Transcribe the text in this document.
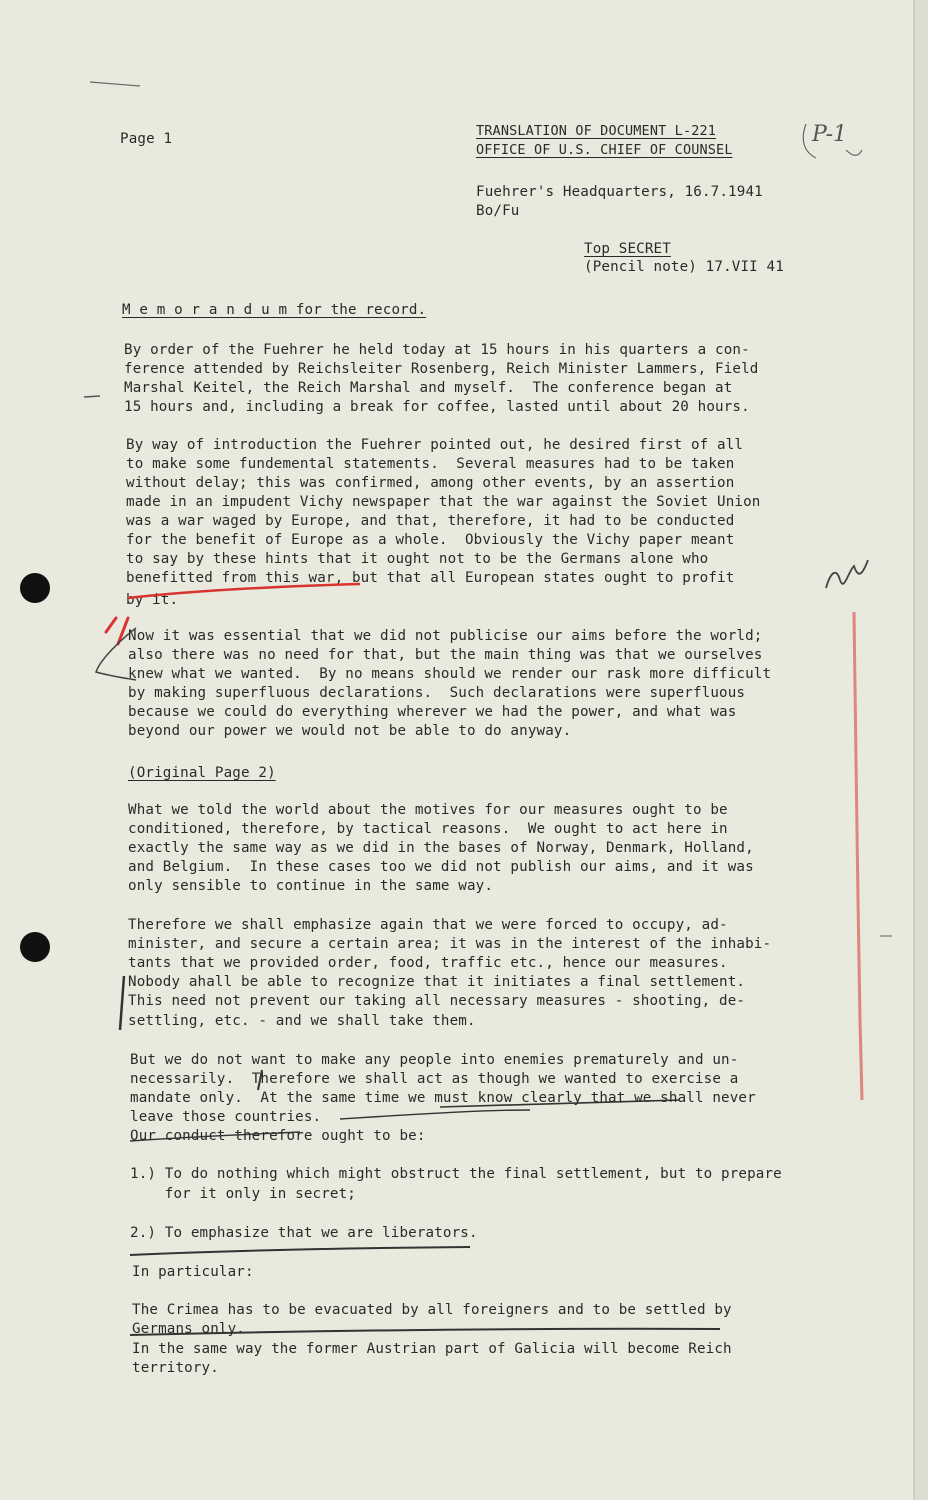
Page 1	TRANSLATION OF DOCUMENT L-221
OFFICE OF U.S. CHIEF OF COUNSEL
P-1
Fuehrer's Headquarters, 16.7.1941
Bo/Fu
Top SECRET
(Pencil note) 17.VII 41
M e m o r a n d u m for the record.
By order of the Fuehrer he held today at 15 hours in his quarters a con-
ference attended by Reichsleiter Rosenberg, Reich Minister Lammers, Field
Marshal Keitel, the Reich Marshal and myself.  The conference began at
15 hours and, including a break for coffee, lasted until about 20 hours.
By way of introduction the Fuehrer pointed out, he desired first of all
to make some fundemental statements.  Several measures had to be taken
without delay; this was confirmed, among other events, by an assertion
made in an impudent Vichy newspaper that the war against the Soviet Union
was a war waged by Europe, and that, therefore, it had to be conducted
for the benefit of Europe as a whole.  Obviously the Vichy paper meant
to say by these hints that it ought not to be the Germans alone who
benefitted from this war, but that all European states ought to profit
by it.
Now it was essential that we did not publicise our aims before the world;
also there was no need for that, but the main thing was that we ourselves
knew what we wanted.  By no means should we render our rask more difficult
by making superfluous declarations.  Such declarations were superfluous
because we could do everything wherever we had the power, and what was
beyond our power we would not be able to do anyway.
(Original Page 2)
What we told the world about the motives for our measures ought to be
conditioned, therefore, by tactical reasons.  We ought to act here in
exactly the same way as we did in the bases of Norway, Denmark, Holland,
and Belgium.  In these cases too we did not publish our aims, and it was
only sensible to continue in the same way.
Therefore we shall emphasize again that we were forced to occupy, ad-
minister, and secure a certain area; it was in the interest of the inhabi-
tants that we provided order, food, traffic etc., hence our measures.
Nobody ahall be able to recognize that it initiates a final settlement.
This need not prevent our taking all necessary measures - shooting, de-
settling, etc. - and we shall take them.
But we do not want to make any people into enemies prematurely and un-
necessarily.  Therefore we shall act as though we wanted to exercise a
mandate only.  At the same time we must know clearly that we shall never
leave those countries.
Our conduct therefore ought to be:
1.) To do nothing which might obstruct the final settlement, but to prepare
for it only in secret;
2.) To emphasize that we are liberators.
In particular:
The Crimea has to be evacuated by all foreigners and to be settled by
Germans only.
In the same way the former Austrian part of Galicia will become Reich
territory.
